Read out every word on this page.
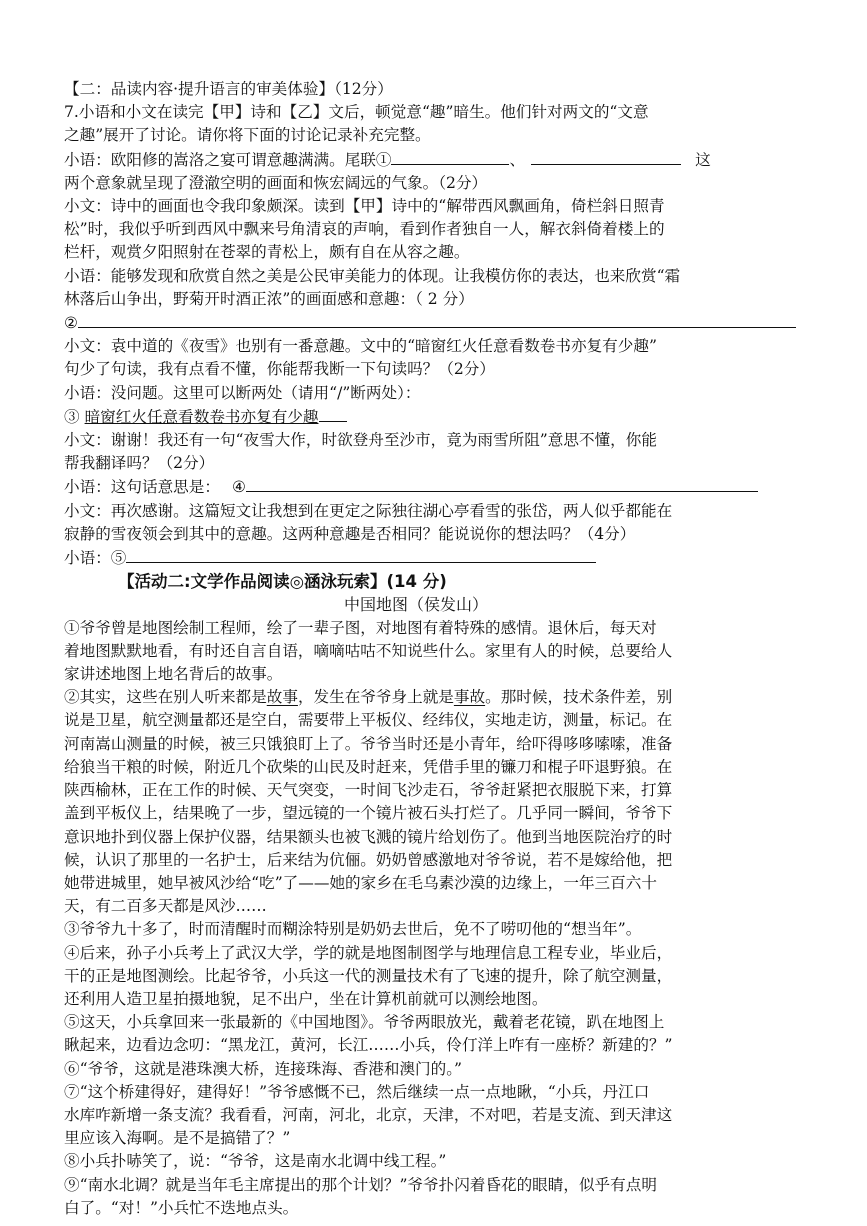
【二：品读内容·提升语言的审美体验】（12分）
7.小语和小文在读完【甲】诗和【乙】文后，顿觉意“趣”暗生。他们针对两文的“文意
之趣”展开了讨论。请你将下面的讨论记录补充完整。
小语：欧阳修的嵩洛之宴可谓意趣满满。尾联①	、	这
两个意象就呈现了澄澈空明的画面和恢宏阔远的气象。（2分）
小文：诗中的画面也令我印象颇深。读到【甲】诗中的“解带西风飘画角，倚栏斜日照青
松”时，我似乎听到西风中飘来号角清哀的声响，看到作者独自一人，解衣斜倚着楼上的
栏杆，观赏夕阳照射在苍翠的青松上，颇有自在从容之趣。
小语：能够发现和欣赏自然之美是公民审美能力的体现。让我模仿你的表达，也来欣赏“霜
林落后山争出，野菊开时酒正浓”的画面感和意趣：（ 2 分）
②
小文：袁中道的《夜雪》也别有一番意趣。文中的“暗窗红火任意看数卷书亦复有少趣”
句少了句读，我有点看不懂，你能帮我断一下句读吗？（2分）
小语：没问题。这里可以断两处（请用“/”断两处）：
③ 暗窗红火任意看数卷书亦复有少趣
小文：谢谢！我还有一句“夜雪大作，时欲登舟至沙市，竟为雨雪所阻”意思不懂，你能
帮我翻译吗？（2分）
小语：这句话意思是： ④
小文：再次感谢。这篇短文让我想到在更定之际独往湖心亭看雪的张岱，两人似乎都能在
寂静的雪夜领会到其中的意趣。这两种意趣是否相同？能说说你的想法吗？（4分）
小语：⑤
【活动二:文学作品阅读◎涵泳玩索】(14 分)
中国地图（侯发山）
①爷爷曾是地图绘制工程师，绘了一辈子图，对地图有着特殊的感情。退休后，每天对
着地图默默地看，有时还自言自语，嘀嘀咕咕不知说些什么。家里有人的时候，总要给人
家讲述地图上地名背后的故事。
②其实，这些在别人听来都是故事，发生在爷爷身上就是事故。那时候，技术条件差，别
说是卫星，航空测量都还是空白，需要带上平板仪、经纬仪，实地走访，测量，标记。在
河南嵩山测量的时候，被三只饿狼盯上了。爷爷当时还是小青年，给吓得哆哆嗦嗦，准备
给狼当干粮的时候，附近几个砍柴的山民及时赶来，凭借手里的镰刀和棍子吓退野狼。在
陕西榆林，正在工作的时候、天气突变，一时间飞沙走石，爷爷赶紧把衣服脱下来，打算
盖到平板仪上，结果晚了一步，望远镜的一个镜片被石头打烂了。几乎同一瞬间，爷爷下
意识地扑到仪器上保护仪器，结果额头也被飞溅的镜片给划伤了。他到当地医院治疗的时
候，认识了那里的一名护士，后来结为伉俪。奶奶曾感激地对爷爷说，若不是嫁给他，把
她带进城里，她早被风沙给“吃”了——她的家乡在毛乌素沙漠的边缘上，一年三百六十
天，有二百多天都是风沙……
③爷爷九十多了，时而清醒时而糊涂特别是奶奶去世后，免不了唠叨他的“想当年”。
④后来，孙子小兵考上了武汉大学，学的就是地图制图学与地理信息工程专业，毕业后，
干的正是地图测绘。比起爷爷，小兵这一代的测量技术有了飞速的提升，除了航空测量，
还利用人造卫星拍摄地貌，足不出户，坐在计算机前就可以测绘地图。
⑤这天，小兵拿回来一张最新的《中国地图》。爷爷两眼放光，戴着老花镜，趴在地图上
瞅起来，边看边念叨：“黑龙江，黄河，长江……小兵，伶仃洋上咋有一座桥？新建的？”
⑥“爷爷，这就是港珠澳大桥，连接珠海、香港和澳门的。”
⑦“这个桥建得好，建得好！”爷爷感慨不已，然后继续一点一点地瞅，“小兵，丹江口
水库咋新增一条支流？我看看，河南，河北，北京，天津，不对吧，若是支流、到天津这
里应该入海啊。是不是搞错了？”
⑧小兵扑哧笑了，说：“爷爷，这是南水北调中线工程。”
⑨“南水北调？就是当年毛主席提出的那个计划？”爷爷扑闪着昏花的眼睛，似乎有点明
白了。“对！”小兵忙不迭地点头。
